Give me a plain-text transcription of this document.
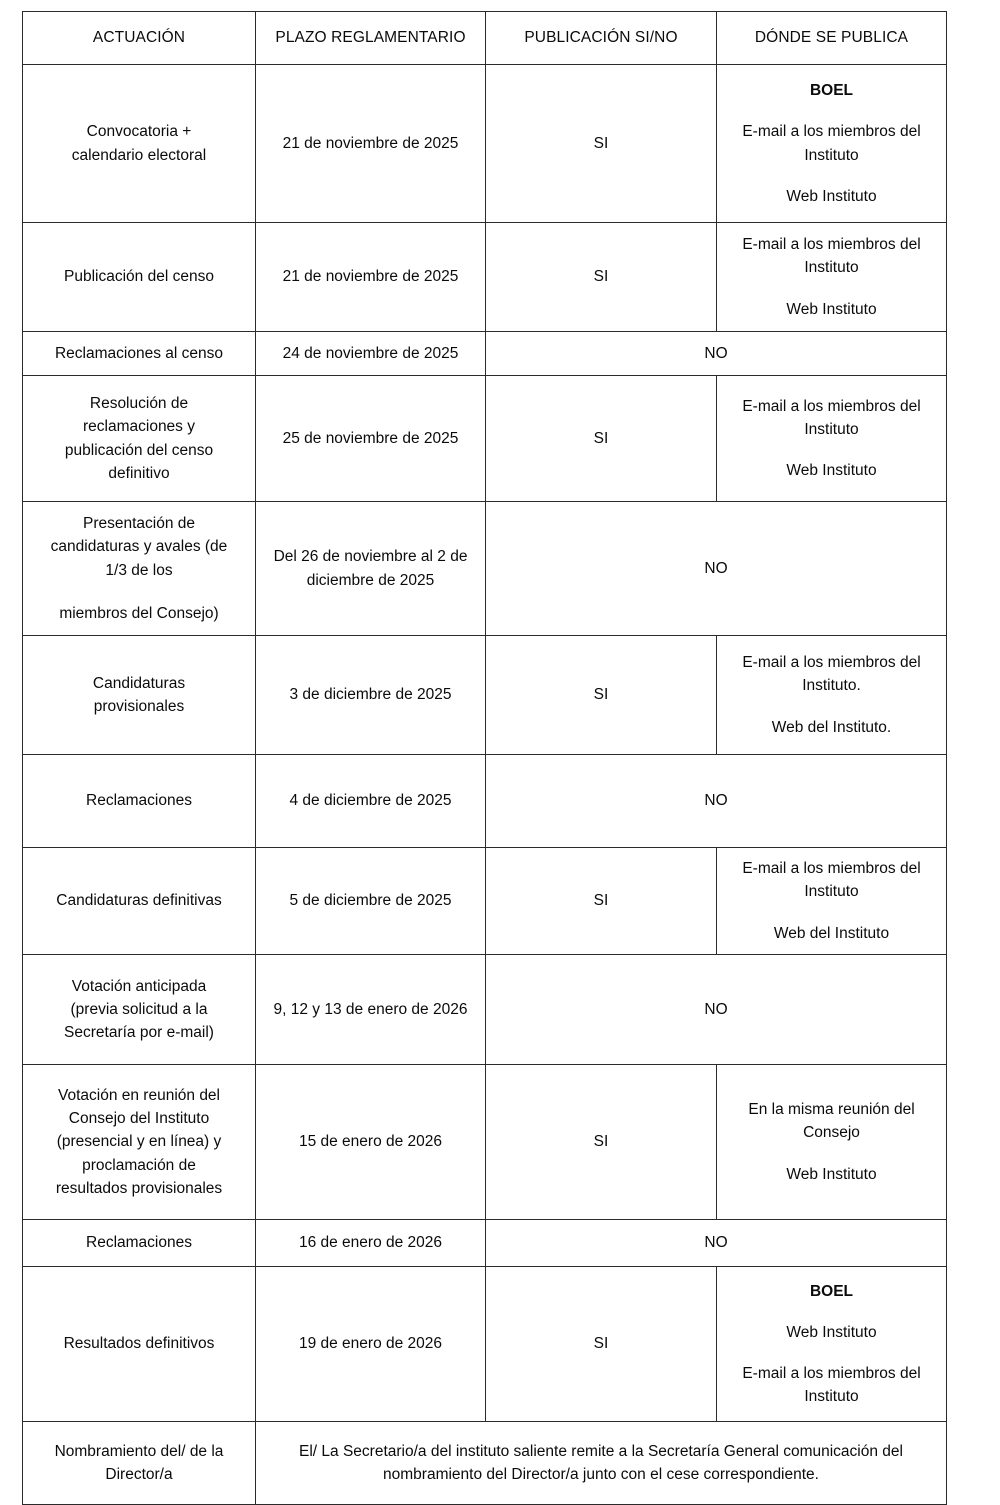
ACTUACIÓN	PLAZO REGLAMENTARIO	PUBLICACIÓN SI/NO	DÓNDE SE PUBLICA

Convocatoria +
calendario electoral	21 de noviembre de 2025	SI	BOEL
E-mail a los miembros del Instituto
Web Instituto

Publicación del censo	21 de noviembre de 2025	SI	E-mail a los miembros del Instituto
Web Instituto

Reclamaciones al censo	24 de noviembre de 2025	NO	

Resolución de
reclamaciones y
publicación del censo
definitivo	25 de noviembre de 2025	SI	E-mail a los miembros del Instituto
Web Instituto

Presentación de
candidaturas y avales (de
1/3 de los
miembros del Consejo)	Del 26 de noviembre al 2 de diciembre de 2025	NO	

Candidaturas
provisionales	3 de diciembre de 2025	SI	E-mail a los miembros del Instituto.
Web del Instituto.

Reclamaciones	4 de diciembre de 2025	NO	
Candidaturas definitivas	5 de diciembre de 2025	SI	E-mail a los miembros del Instituto
Web del Instituto

Votación anticipada
(previa solicitud a la
Secretaría por e-mail)	9, 12 y 13 de enero de 2026	NO	

Votación en reunión del
Consejo del Instituto
(presencial y en línea) y
proclamación de
resultados provisionales	15 de enero de 2026	SI	En la misma reunión del Consejo
Web Instituto

Reclamaciones	16 de enero de 2026	NO	
Resultados definitivos	19 de enero de 2026	SI	BOEL
Web Instituto
E-mail a los miembros del Instituto

Nombramiento del/ de la
Director/a	El/ La Secretario/a del instituto saliente remite a la Secretaría General comunicación del nombramiento del Director/a junto con el cese correspondiente.		
